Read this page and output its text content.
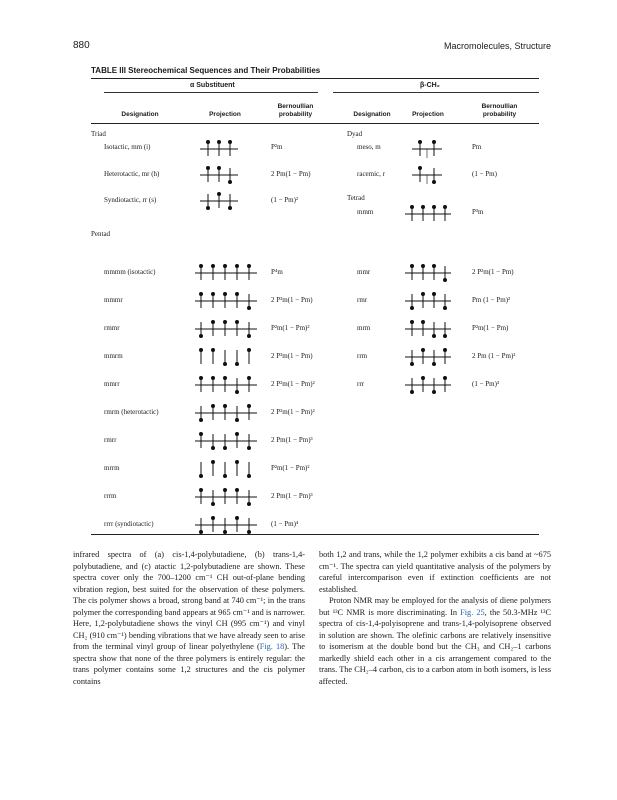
880	Macromolecules, Structure
TABLE III Stereochemical Sequences and Their Probabilities
α Substituent	β-CH₂
Designation	Projection
Bernoullian probability	Designation	Projection
Bernoullian probability
Triad
Pentad
Dyad
Tetrad
Isotactic, mm (i)	P²m
Heterotactic, mr (h)	2 Pm(1 − Pm)
Syndiotactic, rr (s)	(1 − Pm)²
mmmm (isotactic)	P⁴m
mmmr	2 P³m(1 − Pm)
rmmr	P²m(1 − Pm)²
mmrm	2 P³m(1 − Pm)
mmrr	2 P²m(1 − Pm)²
rmrm (heterotactic)	2 P²m(1 − Pm)²
rmrr	2 Pm(1 − Pm)³
mrrm	P²m(1 − Pm)²
rrrm	2 Pm(1 − Pm)³
rrrr (syndiotactic)	(1 − Pm)⁴
meso, m	Pm
racemic, r	(1 − Pm)
mmm	P³m
mmr	2 P²m(1 − Pm)
rmr	Pm (1 − Pm)²
mrm	P²m(1 − Pm)
rrm	2 Pm (1 − Pm)²
rrr	(1 − Pm)³

infrared spectra of (a) cis-1,4-polybutadiene, (b) trans-1,4-polybutadiene, and (c) atactic 1,2-polybutadiene are shown. These spectra cover only the 700–1200 cm⁻¹ CH out-of-plane bending vibration region, best suited for the observation of these polymers. The cis polymer shows a broad, strong band at 740 cm⁻¹; in the trans polymer the corresponding band appears at 965 cm⁻¹ and is narrower. Here, 1,2-polybutadiene shows the vinyl CH (995 cm⁻¹) and vinyl CH₂ (910 cm⁻¹) bending vibrations that we have already seen to arise from the terminal vinyl group of linear polyethylene (Fig. 18). The spectra show that none of the three polymers is entirely regular: the trans polymer contains some 1,2 structures and the cis polymer contains

both 1,2 and trans, while the 1,2 polymer exhibits a cis band at ~675 cm⁻¹. The spectra can yield quantitative analysis of the polymers by careful intercomparison even if extinction coefficients are not established.

Proton NMR may be employed for the analysis of diene polymers but ¹³C NMR is more discriminating. In Fig. 25, the 50.3-MHz ¹³C spectra of cis-1,4-polyisoprene and trans-1,4-polyisoprene observed in solution are shown. The olefinic carbons are relatively insensitive to isomerism at the double bond but the CH₃ and CH₂–1 carbons markedly shield each other in a cis arrangement compared to the trans. The CH₂–4 carbon, cis to a carbon atom in both isomers, is less affected.
